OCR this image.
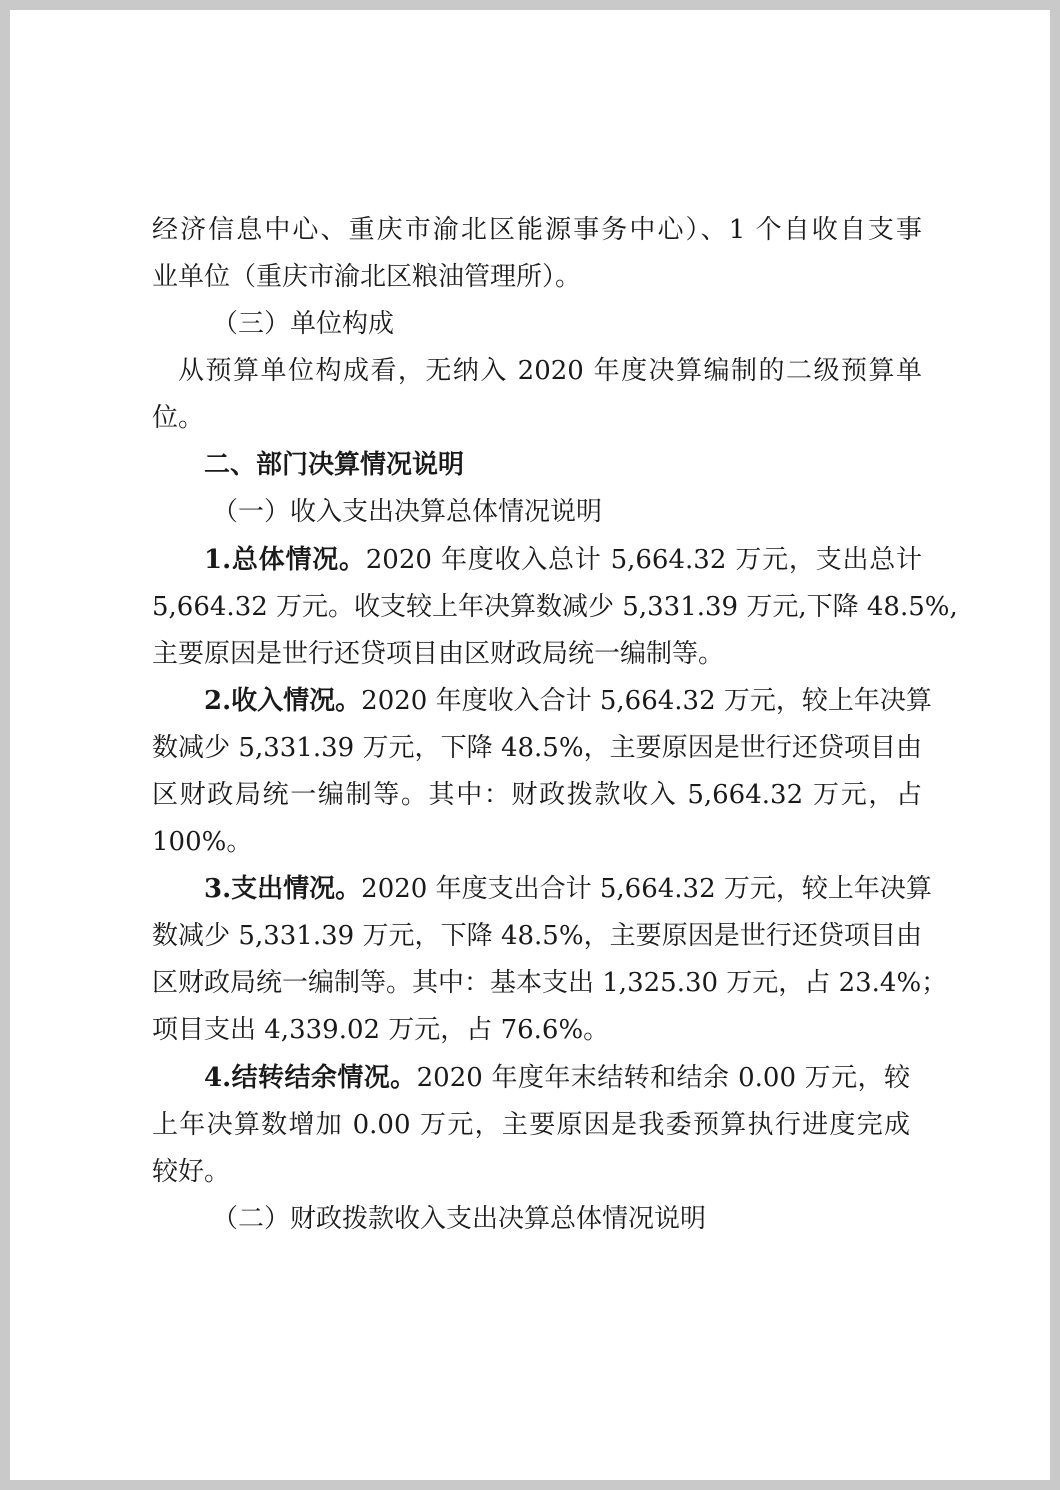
经济信息中心、重庆市渝北区能源事务中心）、1 个自收自支事
业单位（重庆市渝北区粮油管理所）。
（三）单位构成
从预算单位构成看，无纳入 2020 年度决算编制的二级预算单
位。
二、部门决算情况说明
（一）收入支出决算总体情况说明
1.总体情况。2020 年度收入总计 5,664.32 万元，支出总计
5,664.32 万元。收支较上年决算数减少 5,331.39 万元,下降 48.5%,
主要原因是世行还贷项目由区财政局统一编制等。
2.收入情况。2020 年度收入合计 5,664.32 万元，较上年决算
数减少 5,331.39 万元，下降 48.5%，主要原因是世行还贷项目由
区财政局统一编制等。其中：财政拨款收入 5,664.32 万元，占
100%。
3.支出情况。2020 年度支出合计 5,664.32 万元，较上年决算
数减少 5,331.39 万元，下降 48.5%，主要原因是世行还贷项目由
区财政局统一编制等。其中：基本支出 1,325.30 万元，占 23.4%；
项目支出 4,339.02 万元，占 76.6%。
4.结转结余情况。2020 年度年末结转和结余 0.00 万元，较
上年决算数增加 0.00 万元，主要原因是我委预算执行进度完成
较好。
（二）财政拨款收入支出决算总体情况说明
